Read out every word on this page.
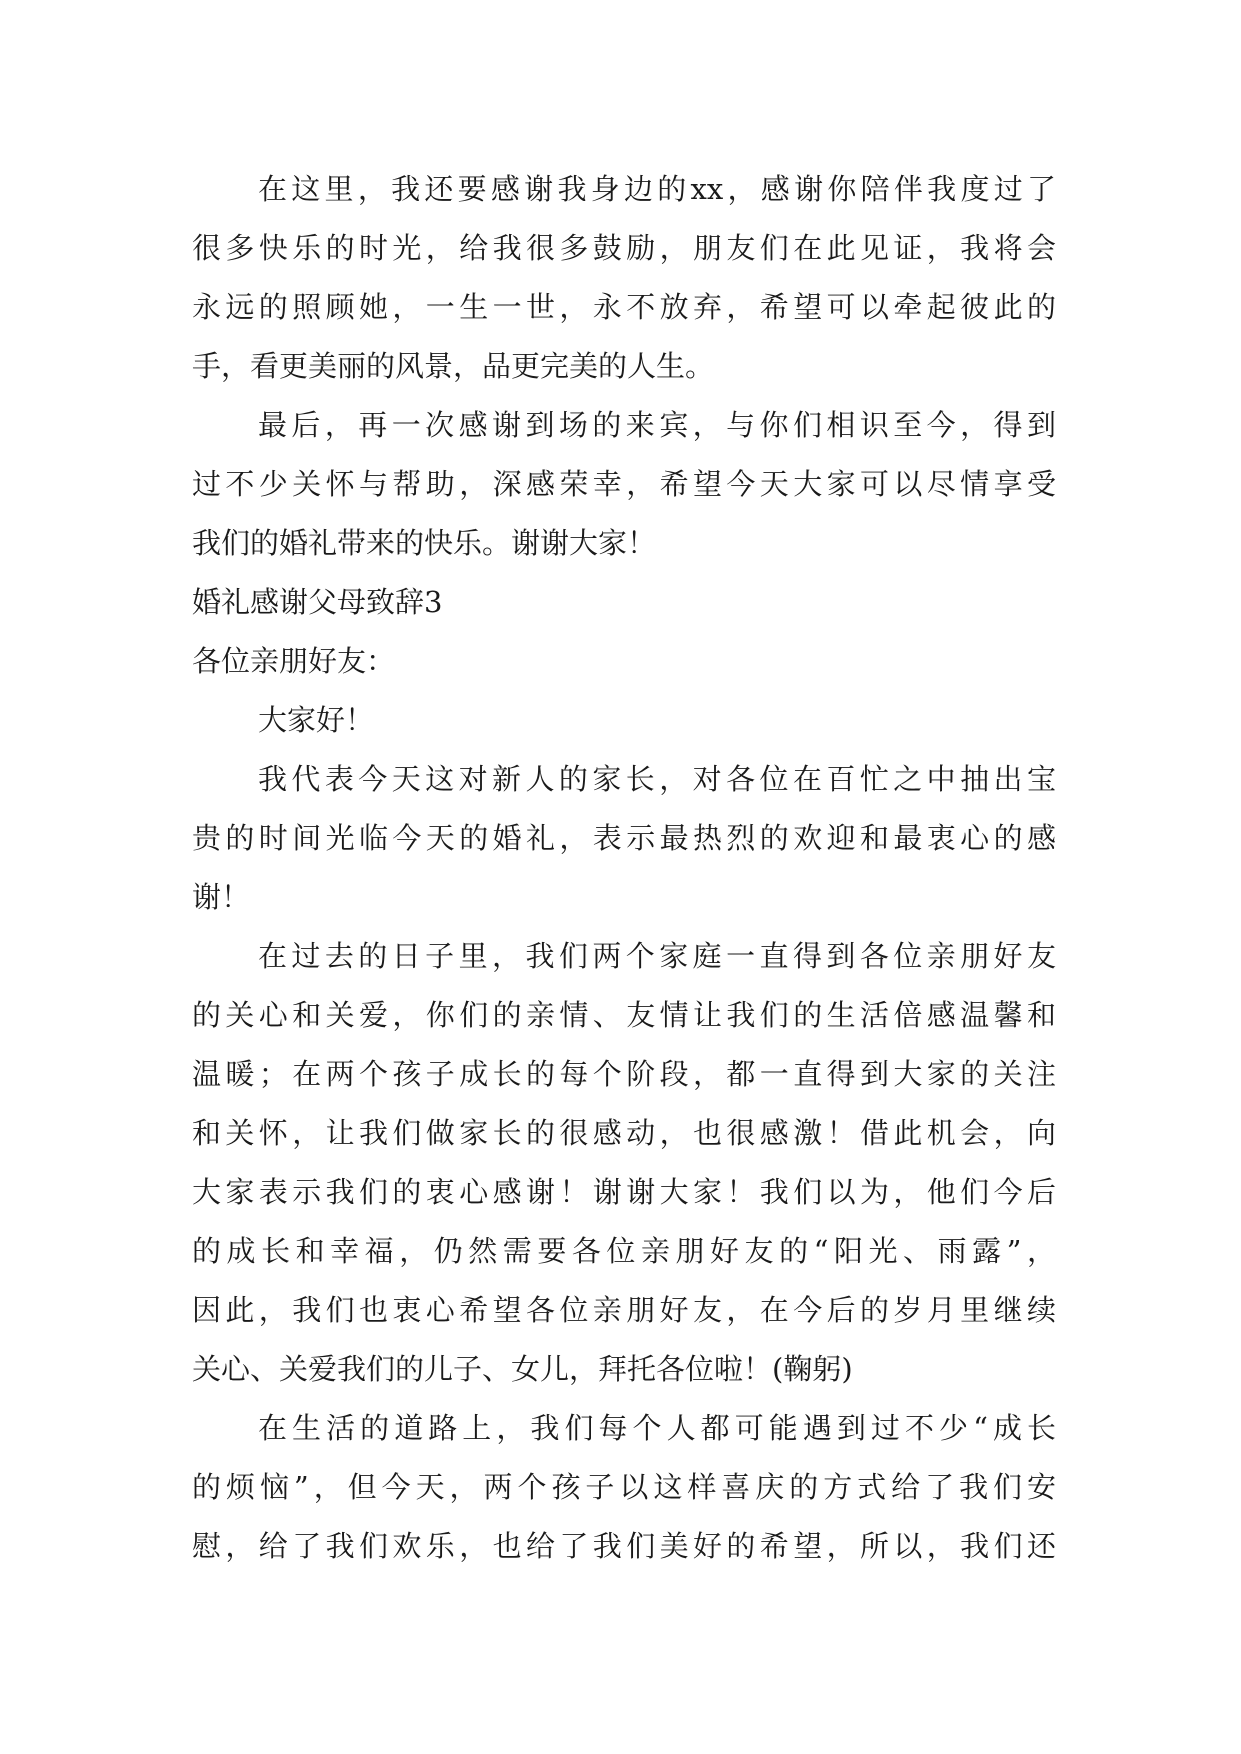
在这里，我还要感谢我身边的xx，感谢你陪伴我度过了

很多快乐的时光，给我很多鼓励，朋友们在此见证，我将会

永远的照顾她，一生一世，永不放弃，希望可以牵起彼此的

手，看更美丽的风景，品更完美的人生。

最后，再一次感谢到场的来宾，与你们相识至今，得到

过不少关怀与帮助，深感荣幸，希望今天大家可以尽情享受

我们的婚礼带来的快乐。谢谢大家！

婚礼感谢父母致辞3

各位亲朋好友：

大家好！

我代表今天这对新人的家长，对各位在百忙之中抽出宝

贵的时间光临今天的婚礼，表示最热烈的欢迎和最衷心的感

谢！

在过去的日子里，我们两个家庭一直得到各位亲朋好友

的关心和关爱，你们的亲情、友情让我们的生活倍感温馨和

温暖；在两个孩子成长的每个阶段，都一直得到大家的关注

和关怀，让我们做家长的很感动，也很感激！借此机会，向

大家表示我们的衷心感谢！谢谢大家！我们以为，他们今后

的成长和幸福，仍然需要各位亲朋好友的“阳光、雨露”，

因此，我们也衷心希望各位亲朋好友，在今后的岁月里继续

关心、关爱我们的儿子、女儿，拜托各位啦！(鞠躬)

在生活的道路上，我们每个人都可能遇到过不少“成长

的烦恼”，但今天，两个孩子以这样喜庆的方式给了我们安

慰，给了我们欢乐，也给了我们美好的希望，所以，我们还
